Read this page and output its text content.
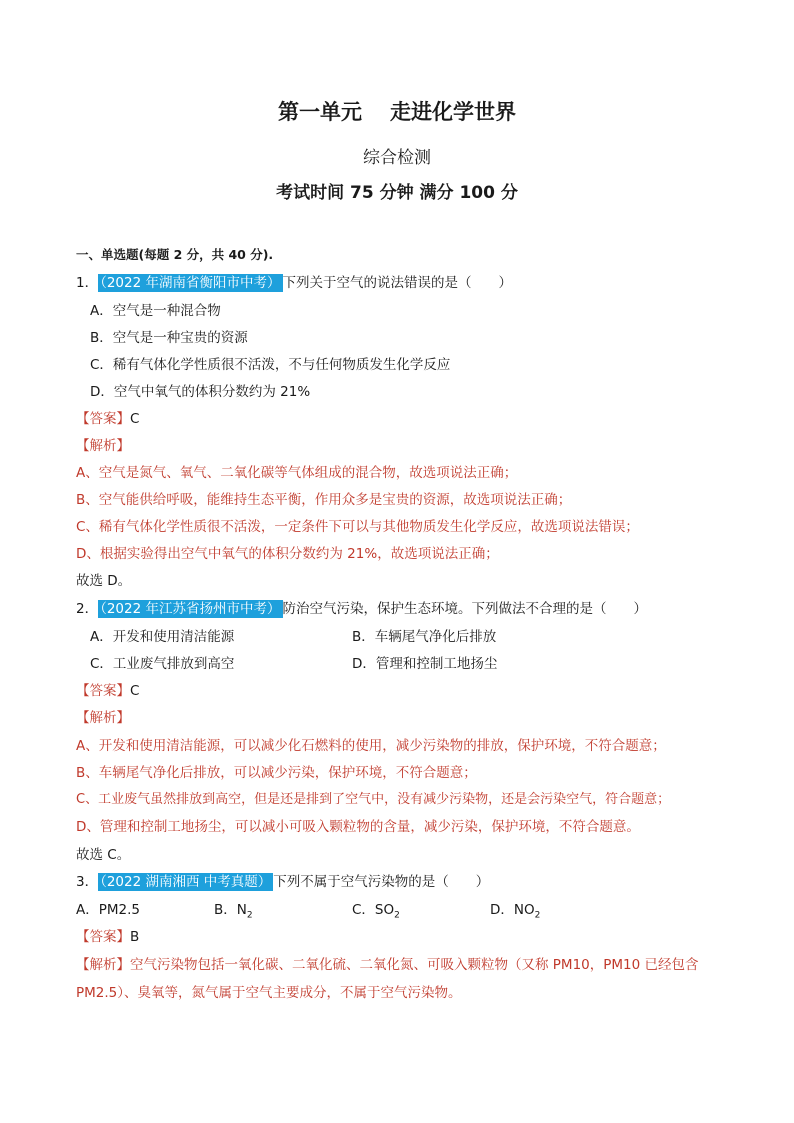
第一单元 走进化学世界
综合检测
考试时间 75 分钟 满分 100 分
一、单选题(每题 2 分，共 40 分).
1． （2022 年湖南省衡阳市中考） 下列关于空气的说法错误的是（　　）
A．空气是一种混合物
B．空气是一种宝贵的资源
C．稀有气体化学性质很不活泼，不与任何物质发生化学反应
D．空气中氧气的体积分数约为 21%
【答案】C
【解析】
A、空气是氮气、氧气、二氧化碳等气体组成的混合物，故选项说法正确；
B、空气能供给呼吸，能维持生态平衡，作用众多是宝贵的资源，故选项说法正确；
C、稀有气体化学性质很不活泼，一定条件下可以与其他物质发生化学反应，故选项说法错误；
D、根据实验得出空气中氧气的体积分数约为 21%，故选项说法正确；
故选 D。
2． （2022 年江苏省扬州市中考） 防治空气污染，保护生态环境。下列做法不合理的是（　　）
A．开发和使用清洁能源	B．车辆尾气净化后排放
C．工业废气排放到高空	D．管理和控制工地扬尘
【答案】C
【解析】
A、开发和使用清洁能源，可以减少化石燃料的使用，减少污染物的排放，保护环境，不符合题意；
B、车辆尾气净化后排放，可以减少污染，保护环境，不符合题意；
C、工业废气虽然排放到高空，但是还是排到了空气中，没有减少污染物，还是会污染空气，符合题意；
D、管理和控制工地扬尘，可以减小可吸入颗粒物的含量，减少污染，保护环境，不符合题意。
故选 C。
3． （2022 湖南湘西 中考真题） 下列不属于空气污染物的是（　　）
A．PM2.5	B．$N_2$	C．$SO_2$	D．$NO_2$
【答案】B
【解析】空气污染物包括一氧化碳、二氧化硫、二氧化氮、可吸入颗粒物（又称 PM10，PM10 已经包含
PM2.5）、臭氧等，氮气属于空气主要成分，不属于空气污染物。
